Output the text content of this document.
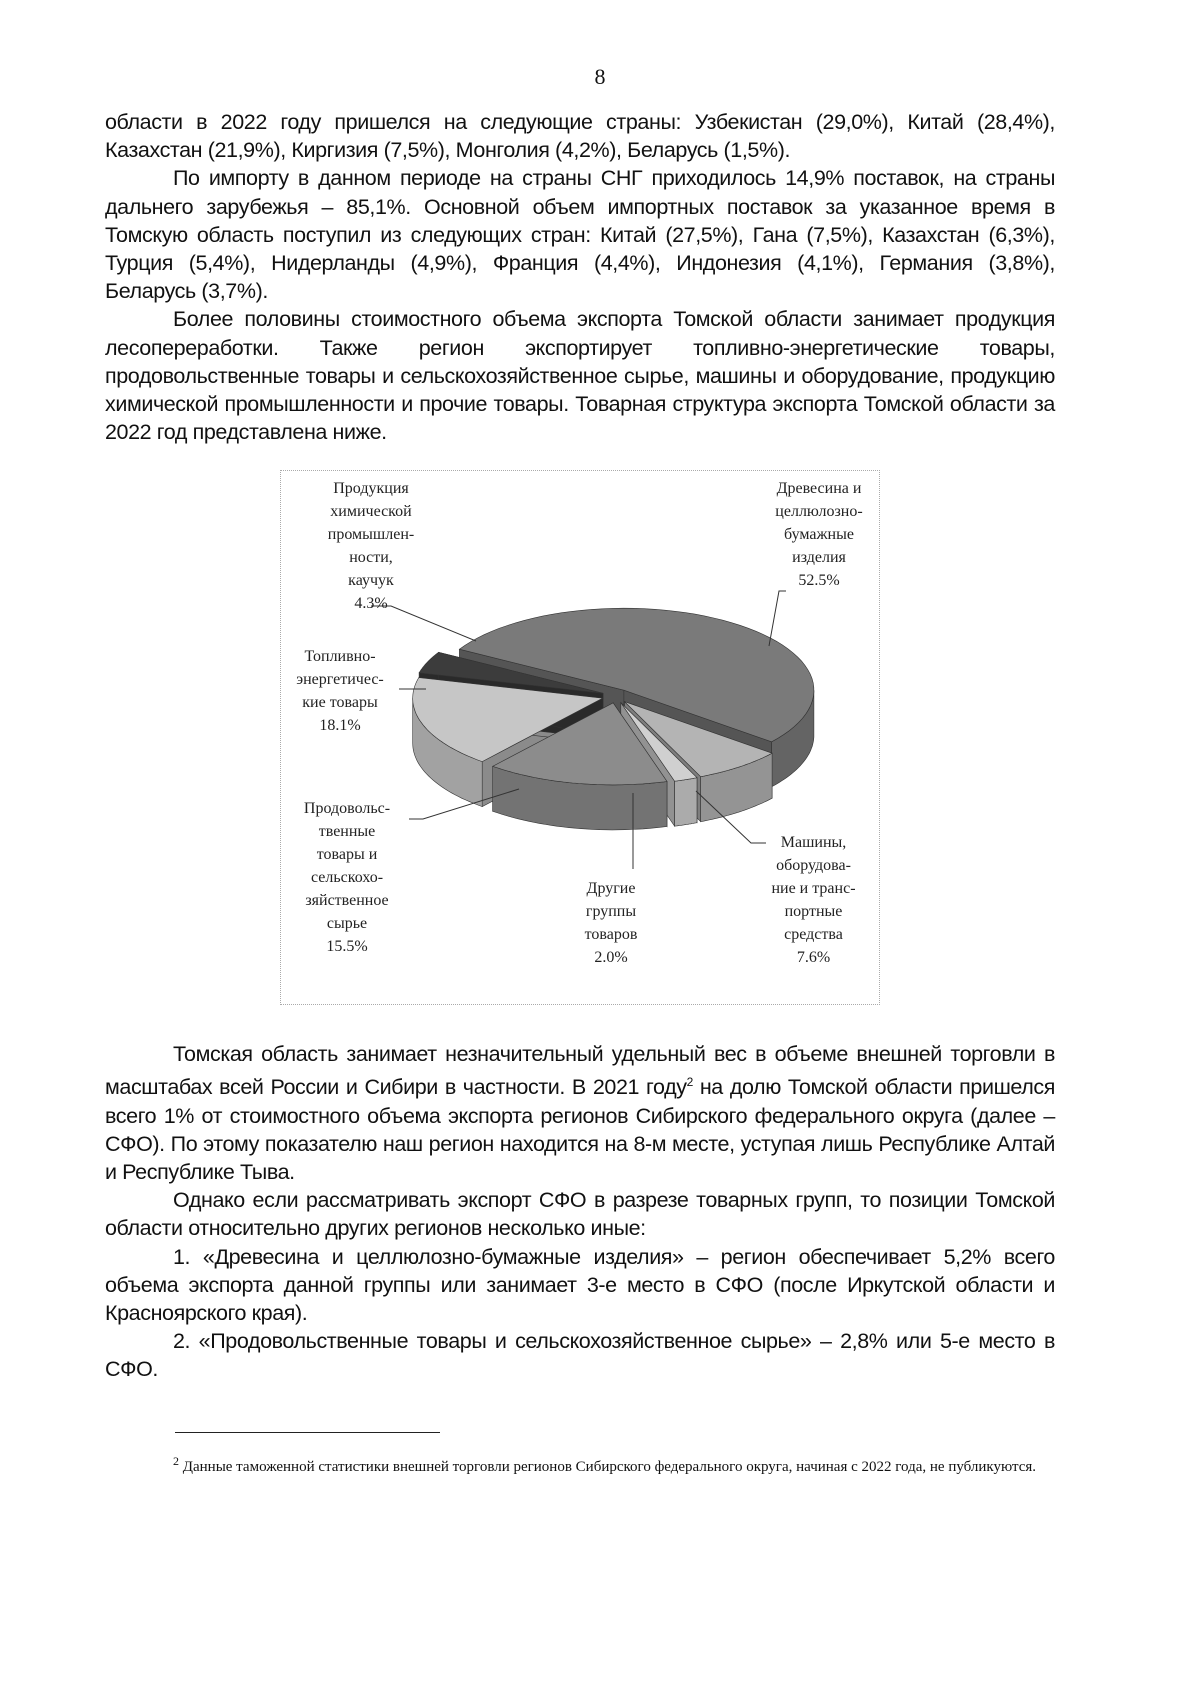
8

области в 2022 году пришелся на следующие страны: Узбекистан (29,0%), Китай (28,4%), Казахстан (21,9%), Киргизия (7,5%), Монголия (4,2%), Беларусь (1,5%).

По импорту в данном периоде на страны СНГ приходилось 14,9% поставок, на страны дальнего зарубежья – 85,1%. Основной объем импортных поставок за указанное время в Томскую область поступил из следующих стран: Китай (27,5%), Гана (7,5%), Казахстан (6,3%), Турция (5,4%), Нидерланды (4,9%), Франция (4,4%), Индонезия (4,1%), Германия (3,8%), Беларусь (3,7%).

Более половины стоимостного объема экспорта Томской области занимает продукция лесопереработки. Также регион экспортирует топливно-энергетические товары, продовольственные товары и сельскохозяйственное сырье, машины и оборудование, продукцию химической промышленности и прочие товары. Товарная структура экспорта Томской области за 2022 год представлена ниже.

Древесина и
целлюлозно-
бумажные
изделия
52.5%
Машины,
оборудова-
ние и транс-
портные
средства
7.6%
Другие
группы
товаров
2.0%
Продовольс-
твенные
товары и
сельскохо-
зяйственное
сырье
15.5%
Топливно-
энергетичес-
кие товары
18.1%
Продукция
химической
промышлен-
ности,
каучук
4.3%

Томская область занимает незначительный удельный вес в объеме внешней торговли в масштабах всей России и Сибири в частности. В 2021 году$^2$ на долю Томской области пришелся всего 1% от стоимостного объема экспорта регионов Сибирского федерального округа (далее – СФО). По этому показателю наш регион находится на 8-м месте, уступая лишь Республике Алтай и Республике Тыва.

Однако если рассматривать экспорт СФО в разрезе товарных групп, то позиции Томской области относительно других регионов несколько иные:

1. «Древесина и целлюлозно-бумажные изделия» – регион обеспечивает 5,2% всего объема экспорта данной группы или занимает 3-е место в СФО (после Иркутской области и Красноярского края).

2. «Продовольственные товары и сельскохозяйственное сырье» – 2,8% или 5-е место в СФО.

$^2$ Данные таможенной статистики внешней торговли регионов Сибирского федерального округа, начиная с 2022 года, не публикуются.
